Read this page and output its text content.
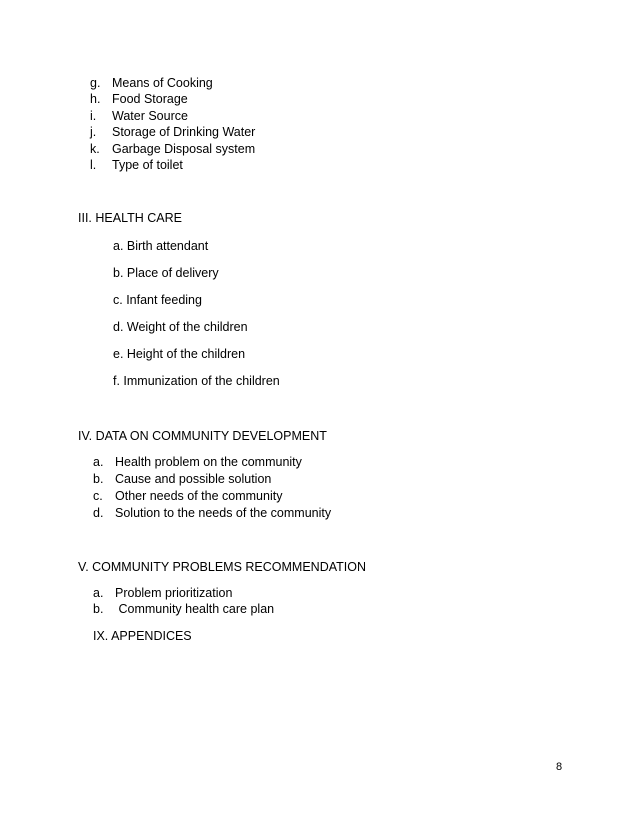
g. Means of Cooking
h. Food Storage
i. Water Source
j. Storage of Drinking Water
k. Garbage Disposal system
l. Type of toilet
III. HEALTH CARE
a. Birth attendant
b. Place of delivery
c. Infant feeding
d. Weight of the children
e. Height of the children
f. Immunization of the children
IV. DATA ON COMMUNITY DEVELOPMENT
a. Health problem on the community
b. Cause and possible solution
c. Other needs of the community
d. Solution to the needs of the community
V. COMMUNITY PROBLEMS RECOMMENDATION
a. Problem prioritization
b. Community health care plan
IX. APPENDICES
8
